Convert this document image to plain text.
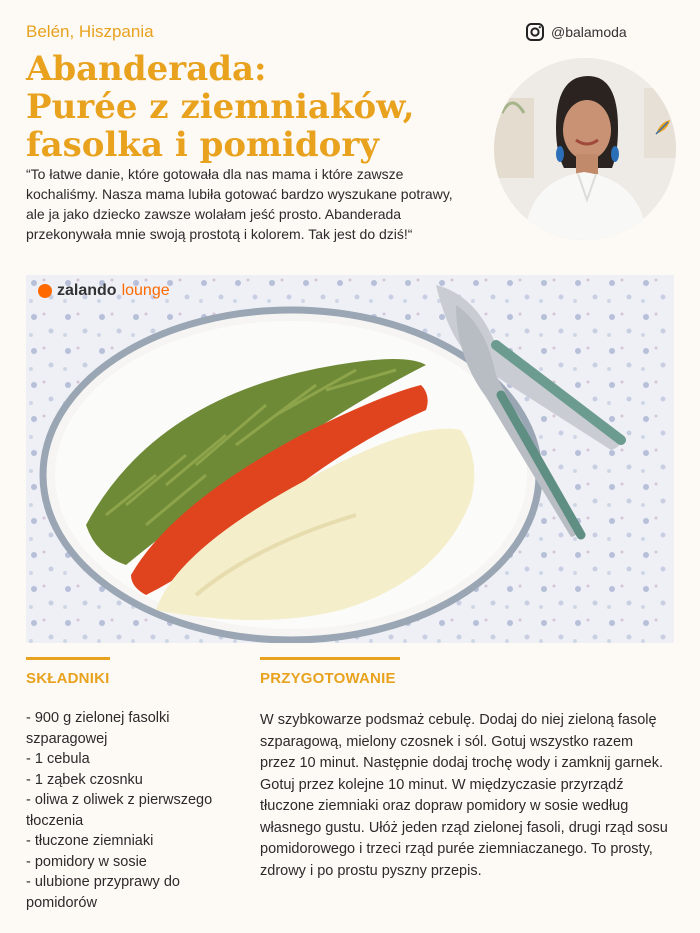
Belén, Hiszpania	@balamoda
Abanderada:
Purée z ziemniaków,
fasolka i pomidory

“To łatwe danie, które gotowała dla nas mama i które zawsze kochaliśmy. Nasza mama lubiła gotować bardzo wyszukane potrawy, ale ja jako dziecko zawsze wolałam jeść prosto. Abanderada przekonywała mnie swoją prostotą i kolorem. Tak jest do dziś!“

zalando lounge
SKŁADNIKI
- 900 g zielonej fasolki szparagowej
- 1 cebula
- 1 ząbek czosnku
- oliwa z oliwek z pierwszego tłoczenia
- tłuczone ziemniaki
- pomidory w sosie
- ulubione przyprawy do pomidorów
PRZYGOTOWANIE

W szybkowarze podsmaż cebulę. Dodaj do niej zieloną fasolę szparagową, mielony czosnek i sól. Gotuj wszystko razem przez 10 minut. Następnie dodaj trochę wody i zamknij garnek. Gotuj przez kolejne 10 minut. W międzyczasie przyrządź tłuczone ziemniaki oraz dopraw pomidory w sosie według własnego gustu. Ułóż jeden rząd zielonej fasoli, drugi rząd sosu pomidorowego i trzeci rząd purée ziemniaczanego. To prosty, zdrowy i po prostu pyszny przepis.
